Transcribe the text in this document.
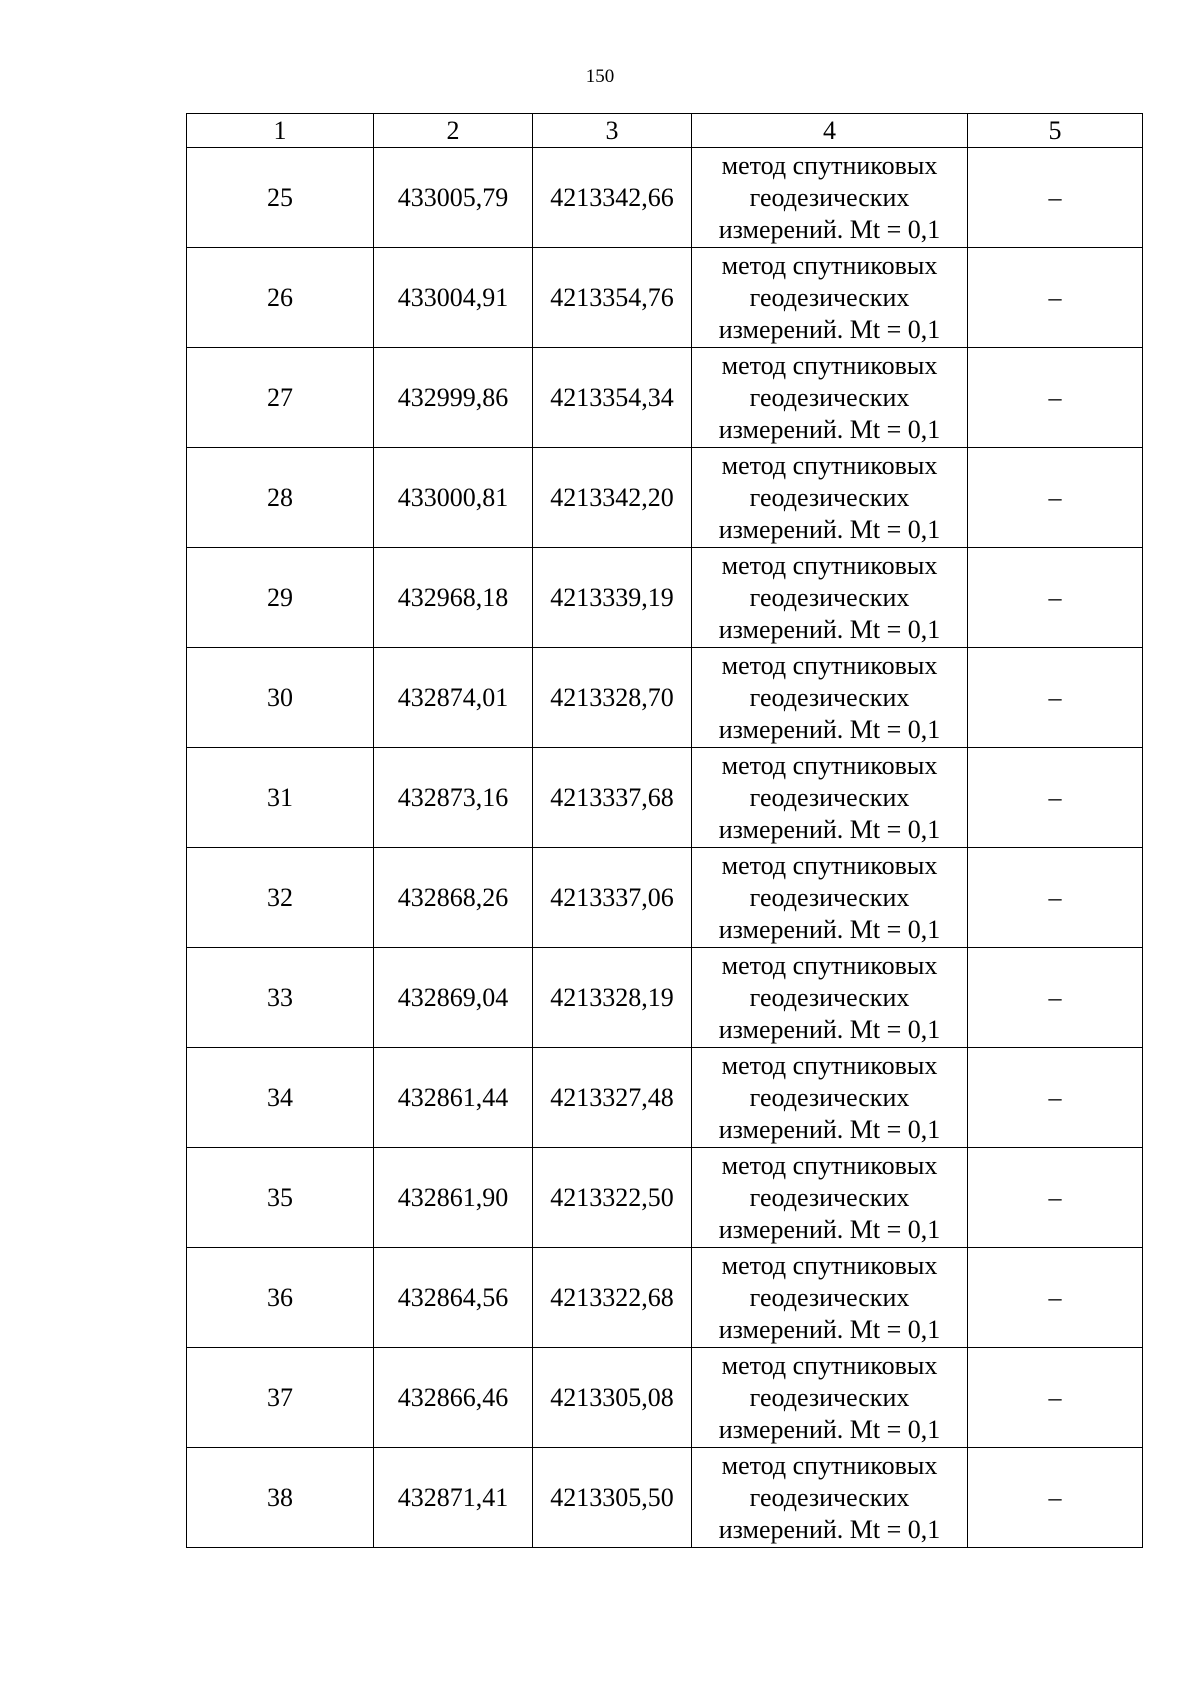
150
1	2	3	4	5
25	433005,79	4213342,66	метод спутниковых
геодезических
измерений. Mt = 0,1	–
26	433004,91	4213354,76	метод спутниковых
геодезических
измерений. Mt = 0,1	–
27	432999,86	4213354,34	метод спутниковых
геодезических
измерений. Mt = 0,1	–
28	433000,81	4213342,20	метод спутниковых
геодезических
измерений. Mt = 0,1	–
29	432968,18	4213339,19	метод спутниковых
геодезических
измерений. Mt = 0,1	–
30	432874,01	4213328,70	метод спутниковых
геодезических
измерений. Mt = 0,1	–
31	432873,16	4213337,68	метод спутниковых
геодезических
измерений. Mt = 0,1	–
32	432868,26	4213337,06	метод спутниковых
геодезических
измерений. Mt = 0,1	–
33	432869,04	4213328,19	метод спутниковых
геодезических
измерений. Mt = 0,1	–
34	432861,44	4213327,48	метод спутниковых
геодезических
измерений. Mt = 0,1	–
35	432861,90	4213322,50	метод спутниковых
геодезических
измерений. Mt = 0,1	–
36	432864,56	4213322,68	метод спутниковых
геодезических
измерений. Mt = 0,1	–
37	432866,46	4213305,08	метод спутниковых
геодезических
измерений. Mt = 0,1	–
38	432871,41	4213305,50	метод спутниковых
геодезических
измерений. Mt = 0,1	–
